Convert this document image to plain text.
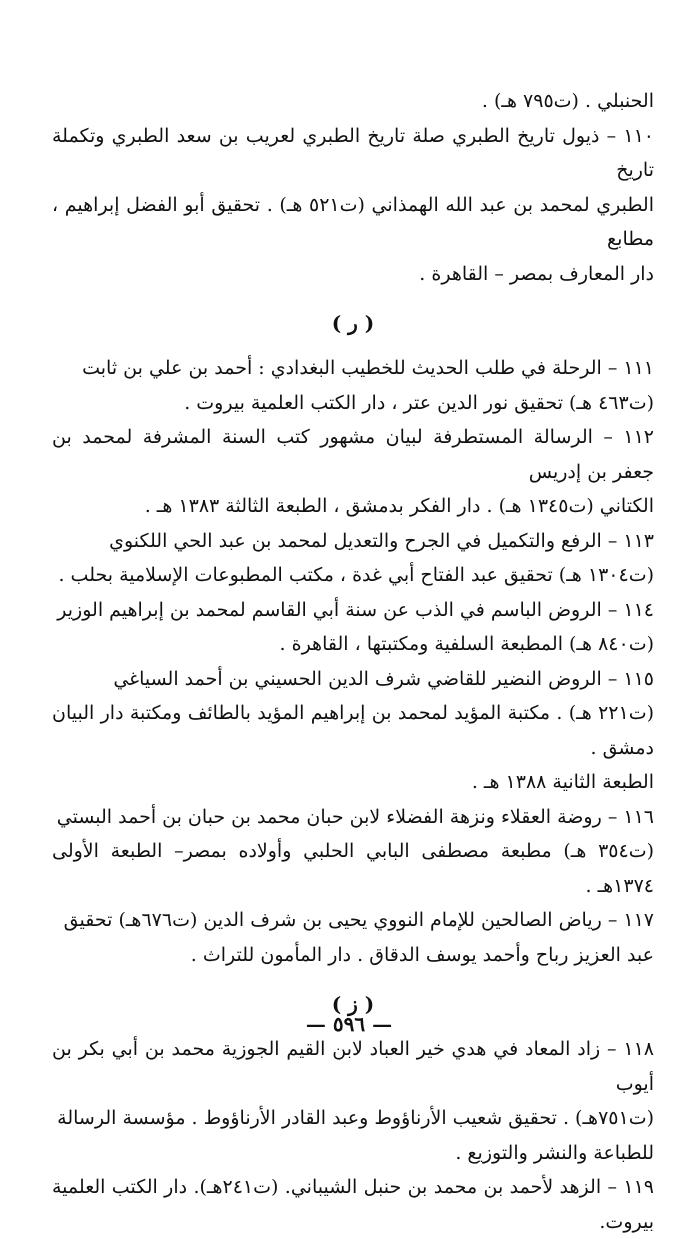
الحنبلي . (ت٧٩٥ هـ) .
١١٠ – ذيول تاريخ الطبري صلة تاريخ الطبري لعريب بن سعد الطبري وتكملة تاريخ
الطبري لمحمد بن عبد الله الهمذاني (ت٥٢١ هـ) . تحقيق أبو الفضل إبراهيم ، مطابع
دار المعارف بمصر – القاهرة .
( ر )
١١١ – الرحلة في طلب الحديث للخطيب البغدادي : أحمد بن علي بن ثابت
(ت٤٦٣ هـ) تحقيق نور الدين عتر ، دار الكتب العلمية بيروت .
١١٢ – الرسالة المستطرفة لبيان مشهور كتب السنة المشرفة لمحمد بن جعفر بن إدريس
الكتاني (ت١٣٤٥ هـ) . دار الفكر بدمشق ، الطبعة الثالثة ١٣٨٣ هـ .
١١٣ – الرفع والتكميل في الجرح والتعديل لمحمد بن عبد الحي اللكنوي
(ت١٣٠٤ هـ) تحقيق عبد الفتاح أبي غدة ، مكتب المطبوعات الإسلامية بحلب .
١١٤ – الروض الباسم في الذب عن سنة أبي القاسم لمحمد بن إبراهيم الوزير
(ت٨٤٠ هـ) المطبعة السلفية ومكتبتها ، القاهرة .
١١٥ – الروض النضير للقاضي شرف الدين الحسيني بن أحمد السياغي
(ت٢٢١ هـ) . مكتبة المؤيد لمحمد بن إبراهيم المؤيد بالطائف ومكتبة دار البيان دمشق .
الطبعة الثانية ١٣٨٨ هـ .
١١٦ – روضة العقلاء ونزهة الفضلاء لابن حبان محمد بن حبان بن أحمد البستي
(ت٣٥٤ هـ) مطبعة مصطفى البابي الحلبي وأولاده بمصر– الطبعة الأولى ١٣٧٤هـ .
١١٧ – رياض الصالحين للإمام النووي يحيى بن شرف الدين (ت٦٧٦هـ) تحقيق
عبد العزيز رباح وأحمد يوسف الدقاق . دار المأمون للتراث .
( ز )
١١٨ – زاد المعاد في هدي خير العباد لابن القيم الجوزية محمد بن أبي بكر بن أيوب
(ت٧٥١هـ) . تحقيق شعيب الأرناؤوط وعبد القادر الأرناؤوط . مؤسسة الرسالة
للطباعة والنشر والتوزيع .
١١٩ – الزهد لأحمد بن محمد بن حنبل الشيباني. (ت٢٤١هـ). دار الكتب العلمية بيروت.
— ٥٩٦ —
